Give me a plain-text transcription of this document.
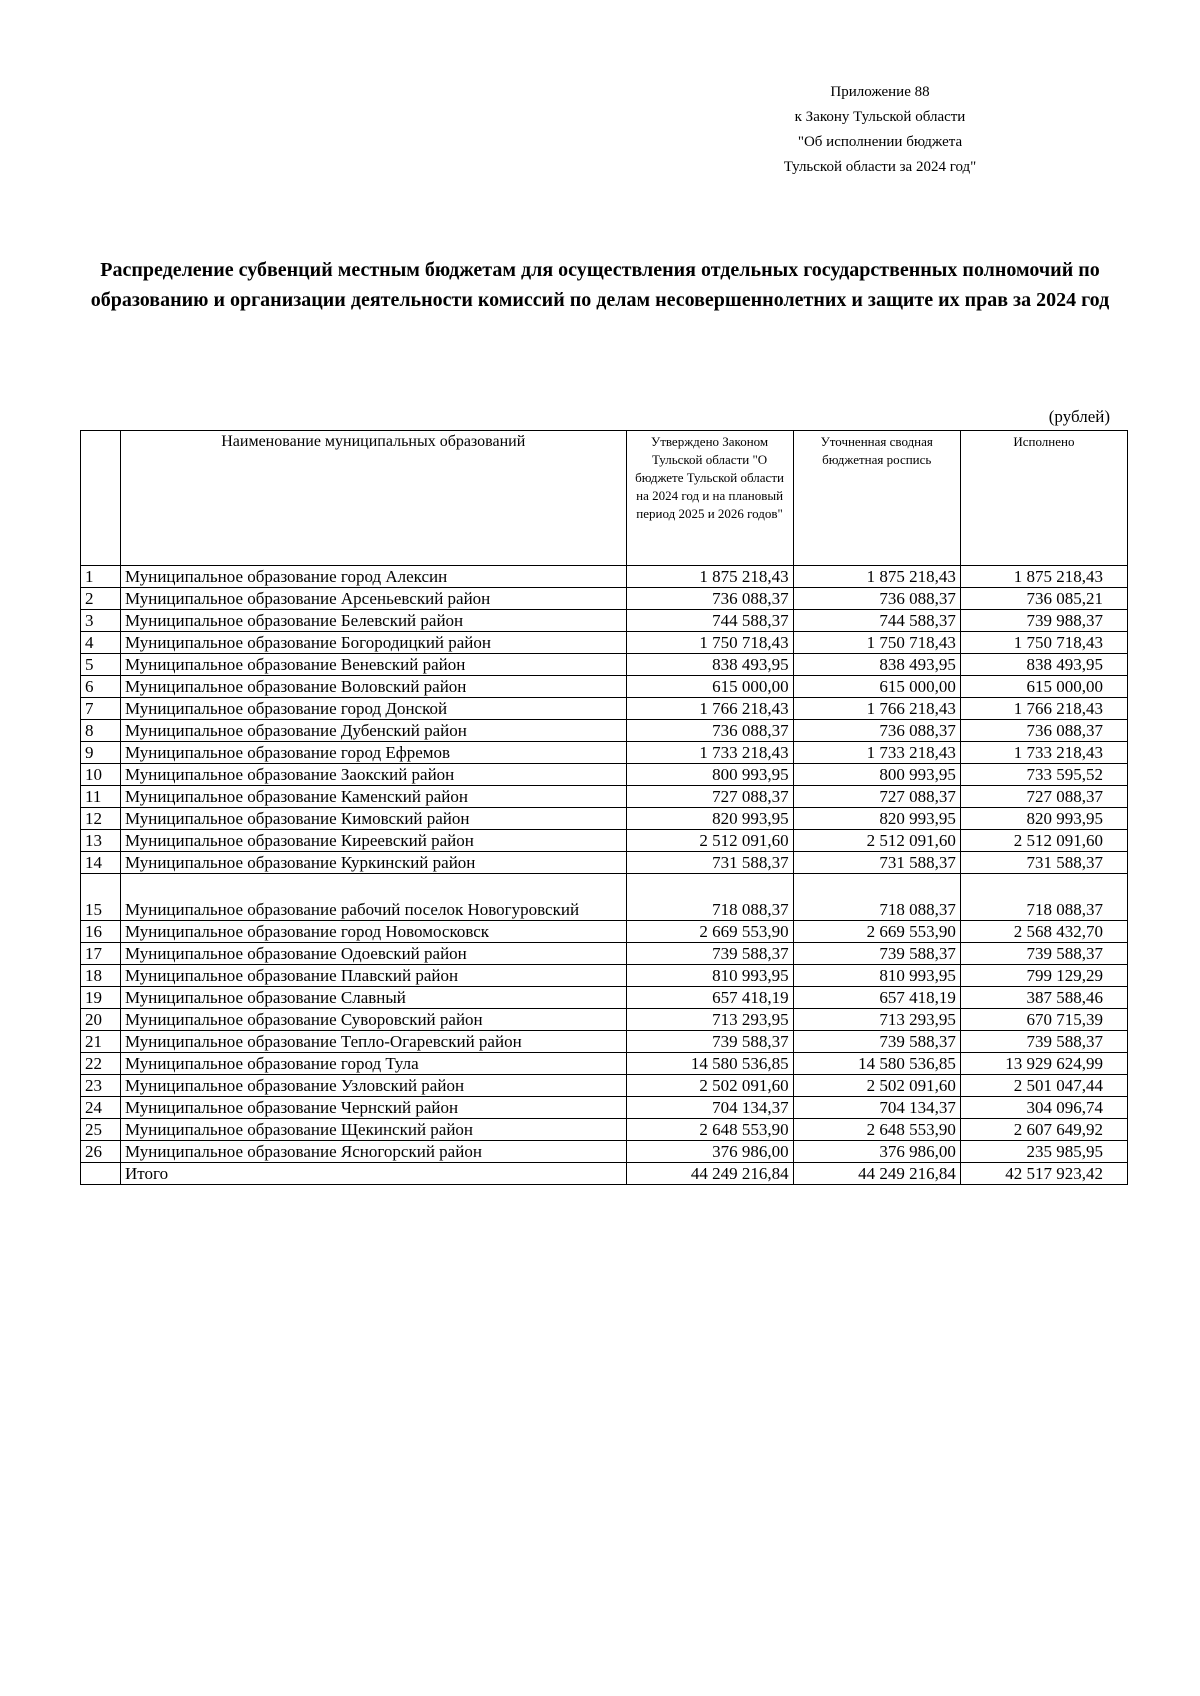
Приложение 88
к Закону Тульской области
"Об исполнении бюджета
Тульской области за 2024 год"
Распределение субвенций местным бюджетам для осуществления отдельных государственных полномочий по образованию и организации деятельности комиссий по делам несовершеннолетних и защите их прав за 2024 год
(рублей)
	Наименование муниципальных образований	Утверждено Законом Тульской области "О бюджете Тульской области на 2024 год и на плановый период 2025 и 2026 годов"	Уточненная сводная бюджетная роспись	Исполнено
1	Муниципальное образование город Алексин	1 875 218,43	1 875 218,43	1 875 218,43
2	Муниципальное образование Арсеньевский район	736 088,37	736 088,37	736 085,21
3	Муниципальное образование Белевский район	744 588,37	744 588,37	739 988,37
4	Муниципальное образование Богородицкий район	1 750 718,43	1 750 718,43	1 750 718,43
5	Муниципальное образование Веневский район	838 493,95	838 493,95	838 493,95
6	Муниципальное образование Воловский район	615 000,00	615 000,00	615 000,00
7	Муниципальное образование город Донской	1 766 218,43	1 766 218,43	1 766 218,43
8	Муниципальное образование Дубенский район	736 088,37	736 088,37	736 088,37
9	Муниципальное образование город Ефремов	1 733 218,43	1 733 218,43	1 733 218,43
10	Муниципальное образование Заокский район	800 993,95	800 993,95	733 595,52
11	Муниципальное образование Каменский район	727 088,37	727 088,37	727 088,37
12	Муниципальное образование Кимовский район	820 993,95	820 993,95	820 993,95
13	Муниципальное образование Киреевский район	2 512 091,60	2 512 091,60	2 512 091,60
14	Муниципальное образование Куркинский район	731 588,37	731 588,37	731 588,37
15	Муниципальное образование рабочий поселок Новогуровский	718 088,37	718 088,37	718 088,37
16	Муниципальное образование город Новомосковск	2 669 553,90	2 669 553,90	2 568 432,70
17	Муниципальное образование Одоевский район	739 588,37	739 588,37	739 588,37
18	Муниципальное образование Плавский район	810 993,95	810 993,95	799 129,29
19	Муниципальное образование Славный	657 418,19	657 418,19	387 588,46
20	Муниципальное образование Суворовский район	713 293,95	713 293,95	670 715,39
21	Муниципальное образование Тепло-Огаревский район	739 588,37	739 588,37	739 588,37
22	Муниципальное образование город Тула	14 580 536,85	14 580 536,85	13 929 624,99
23	Муниципальное образование Узловский район	2 502 091,60	2 502 091,60	2 501 047,44
24	Муниципальное образование Чернский район	704 134,37	704 134,37	304 096,74
25	Муниципальное образование Щекинский район	2 648 553,90	2 648 553,90	2 607 649,92
26	Муниципальное образование Ясногорский район	376 986,00	376 986,00	235 985,95
	Итого	44 249 216,84	44 249 216,84	42 517 923,42
